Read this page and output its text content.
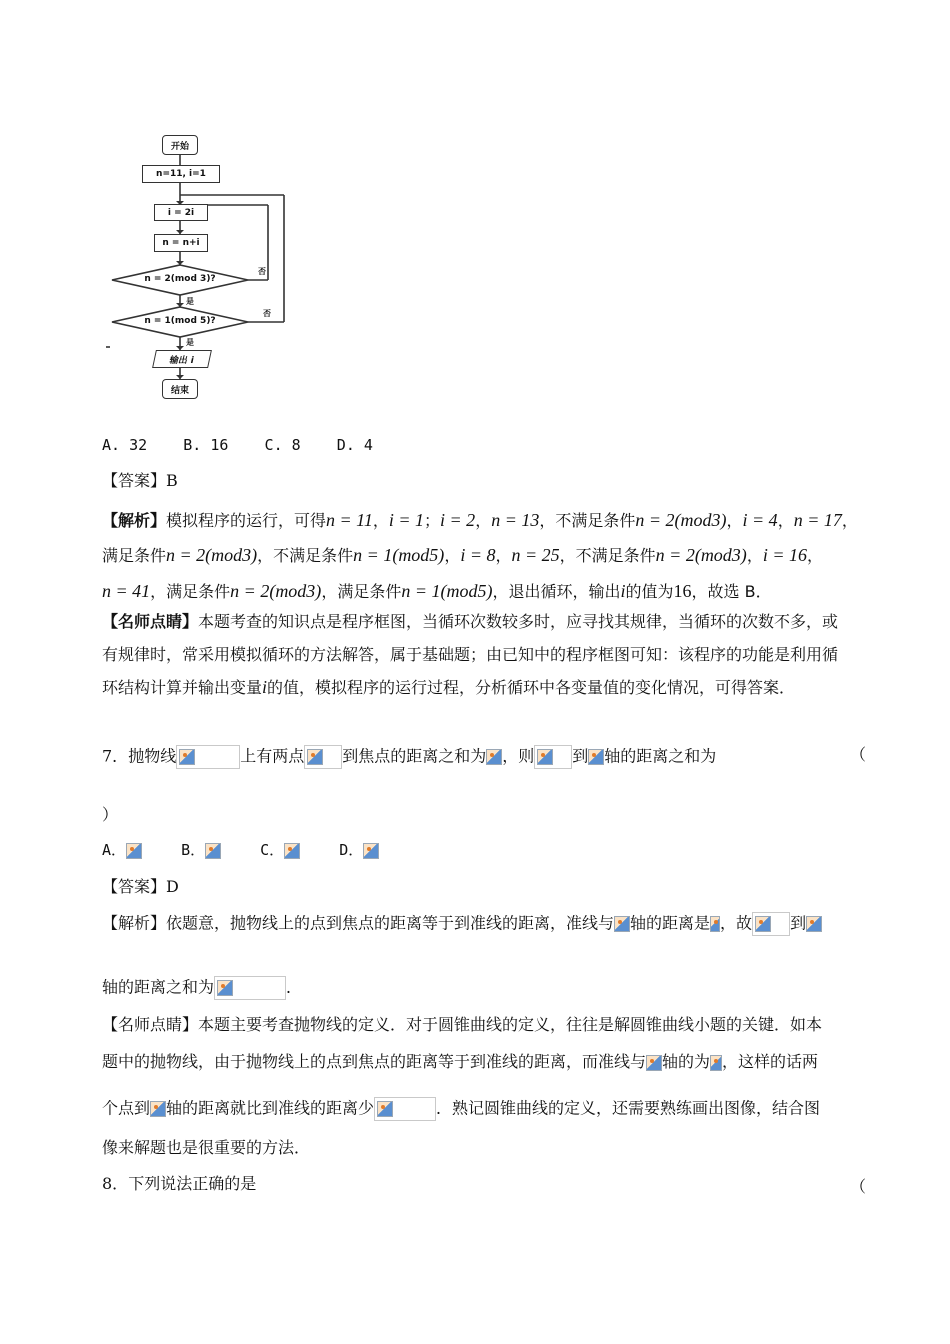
开始
n=11, i=1
i = 2i
n = n+i
n = 2(mod 3)?
n = 1(mod 5)?
是
是
否
否
输出 i
结束
A. 32    B. 16    C. 8    D. 4
【答案】B
【解析】模拟程序的运行，可得n = 11，i = 1；i = 2，n = 13，不满足条件n = 2(mod3)，i = 4，n = 17，
满足条件n = 2(mod3)，不满足条件n = 1(mod5)，i = 8，n = 25，不满足条件n = 2(mod3)，i = 16，
n = 41，满足条件n = 2(mod3)，满足条件n = 1(mod5)，退出循环，输出i的值为16，故选 B．
【名师点睛】本题考查的知识点是程序框图，当循环次数较多时，应寻找其规律，当循环的次数不多，或
有规律时，常采用模拟循环的方法解答，属于基础题；由已知中的程序框图可知：该程序的功能是利用循
环结构计算并输出变量i的值，模拟程序的运行过程，分析循环中各变量值的变化情况，可得答案．
7．抛物线	上有两点 到焦点的距离之和为 ，则 到 轴的距离之和为	（
）
A．	B．	C．	D．
【答案】D
【解析】依题意，抛物线上的点到焦点的距离等于到准线的距离，准线与 轴的距离是 ，故 到
轴的距离之和为	．
【名师点睛】本题主要考查抛物线的定义．对于圆锥曲线的定义，往往是解圆锥曲线小题的关键．如本
题中的抛物线，由于抛物线上的点到焦点的距离等于到准线的距离，而准线与 轴的为 ，这样的话两
个点到 轴的距离就比到准线的距离少	．熟记圆锥曲线的定义，还需要熟练画出图像，结合图
像来解题也是很重要的方法．
8．下列说法正确的是	（
